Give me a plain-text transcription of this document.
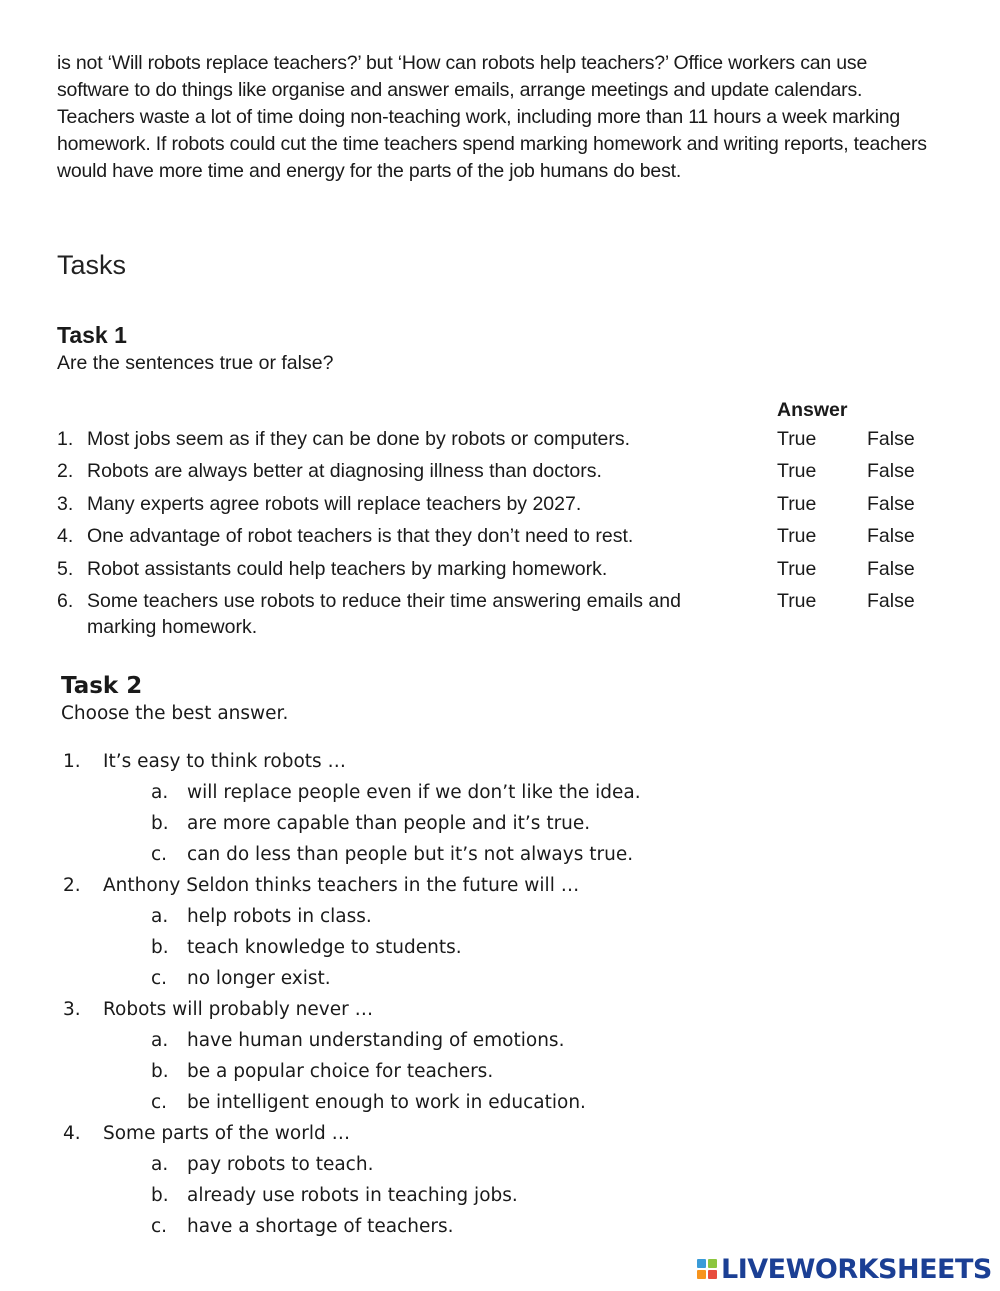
is not ‘Will robots replace teachers?’ but ‘How can robots help teachers?’ Office workers can use software to do things like organise and answer emails, arrange meetings and update calendars. Teachers waste a lot of time doing non-teaching work, including more than 11 hours a week marking homework. If robots could cut the time teachers spend marking homework and writing reports, teachers would have more time and energy for the parts of the job humans do best.

Tasks
Task 1

Are the sentences true or false?

Answer

1. Most jobs seem as if they can be done by robots or computers.	True	False
2. Robots are always better at diagnosing illness than doctors.	True	False
3. Many experts agree robots will replace teachers by 2027.	True	False
4. One advantage of robot teachers is that they don’t need to rest.	True	False
5. Robot assistants could help teachers by marking homework.	True	False
6. Some teachers use robots to reduce their time answering emails and marking homework.
True	False
Task 2

Choose the best answer.

1. It’s easy to think robots …
a. will replace people even if we don’t like the idea.
b. are more capable than people and it’s true.
c. can do less than people but it’s not always true.
2. Anthony Seldon thinks teachers in the future will …
a. help robots in class.
b. teach knowledge to students.
c. no longer exist.
3. Robots will probably never …
a. have human understanding of emotions.
b. be a popular choice for teachers.
c. be intelligent enough to work in education.
4. Some parts of the world …
a. pay robots to teach.
b. already use robots in teaching jobs.
c. have a shortage of teachers.
LIVEWORKSHEETS
